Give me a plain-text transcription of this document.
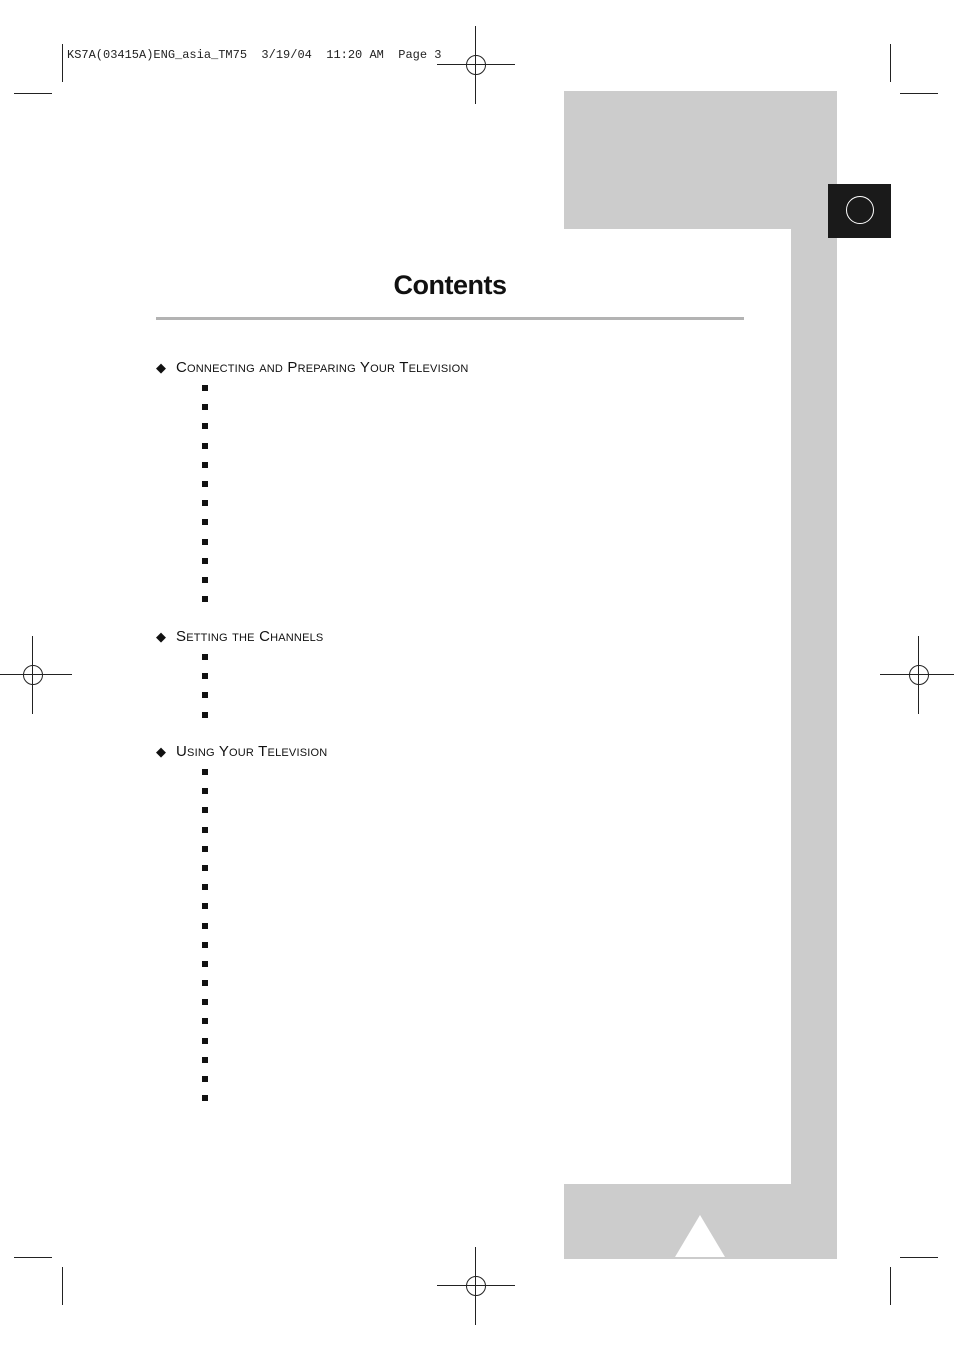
KS7A(03415A)ENG_asia_TM75  3/19/04  11:20 AM  Page 3
Contents
◆ Connecting and Preparing Your Television
◆ Setting the Channels
◆ Using Your Television
